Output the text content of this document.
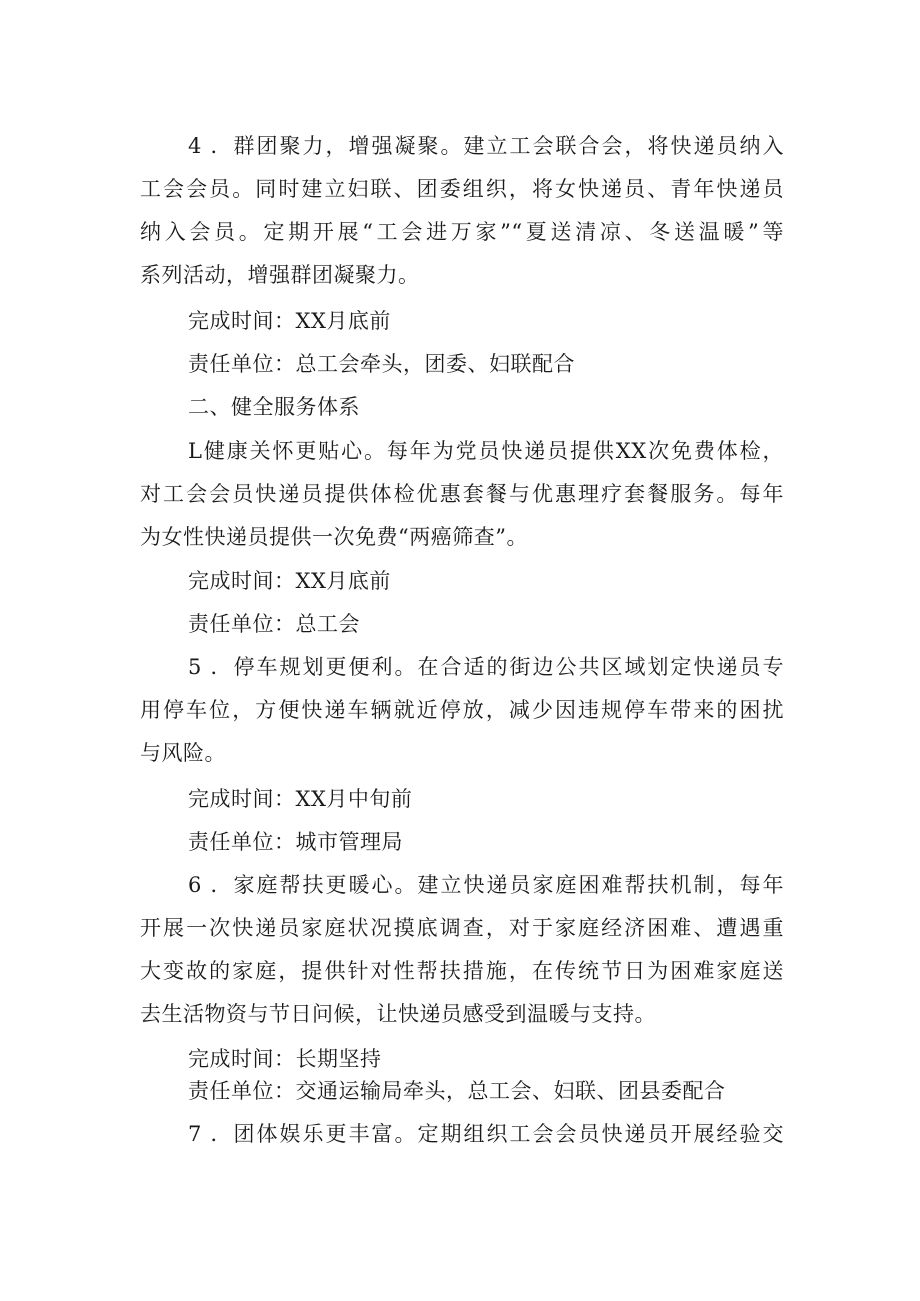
4 ．群团聚力，增强凝聚。建立工会联合会，将快递员纳入
工会会员。同时建立妇联、团委组织，将女快递员、青年快递员
纳入会员。定期开展“工会进万家”“夏送清凉、冬送温暖”等
系列活动，增强群团凝聚力。
完成时间：XX月底前
责任单位：总工会牵头，团委、妇联配合
二、健全服务体系
L健康关怀更贴心。每年为党员快递员提供XX次免费体检，
对工会会员快递员提供体检优惠套餐与优惠理疗套餐服务。每年
为女性快递员提供一次免费“两癌筛查”。
完成时间：XX月底前
责任单位：总工会
5 ．停车规划更便利。在合适的街边公共区域划定快递员专
用停车位，方便快递车辆就近停放，减少因违规停车带来的困扰
与风险。
完成时间：XX月中旬前
责任单位：城市管理局
6 ．家庭帮扶更暖心。建立快递员家庭困难帮扶机制，每年
开展一次快递员家庭状况摸底调查，对于家庭经济困难、遭遇重
大变故的家庭，提供针对性帮扶措施，在传统节日为困难家庭送
去生活物资与节日问候，让快递员感受到温暖与支持。
完成时间：长期坚持
责任单位：交通运输局牵头，总工会、妇联、团县委配合
7 ．团体娱乐更丰富。定期组织工会会员快递员开展经验交
